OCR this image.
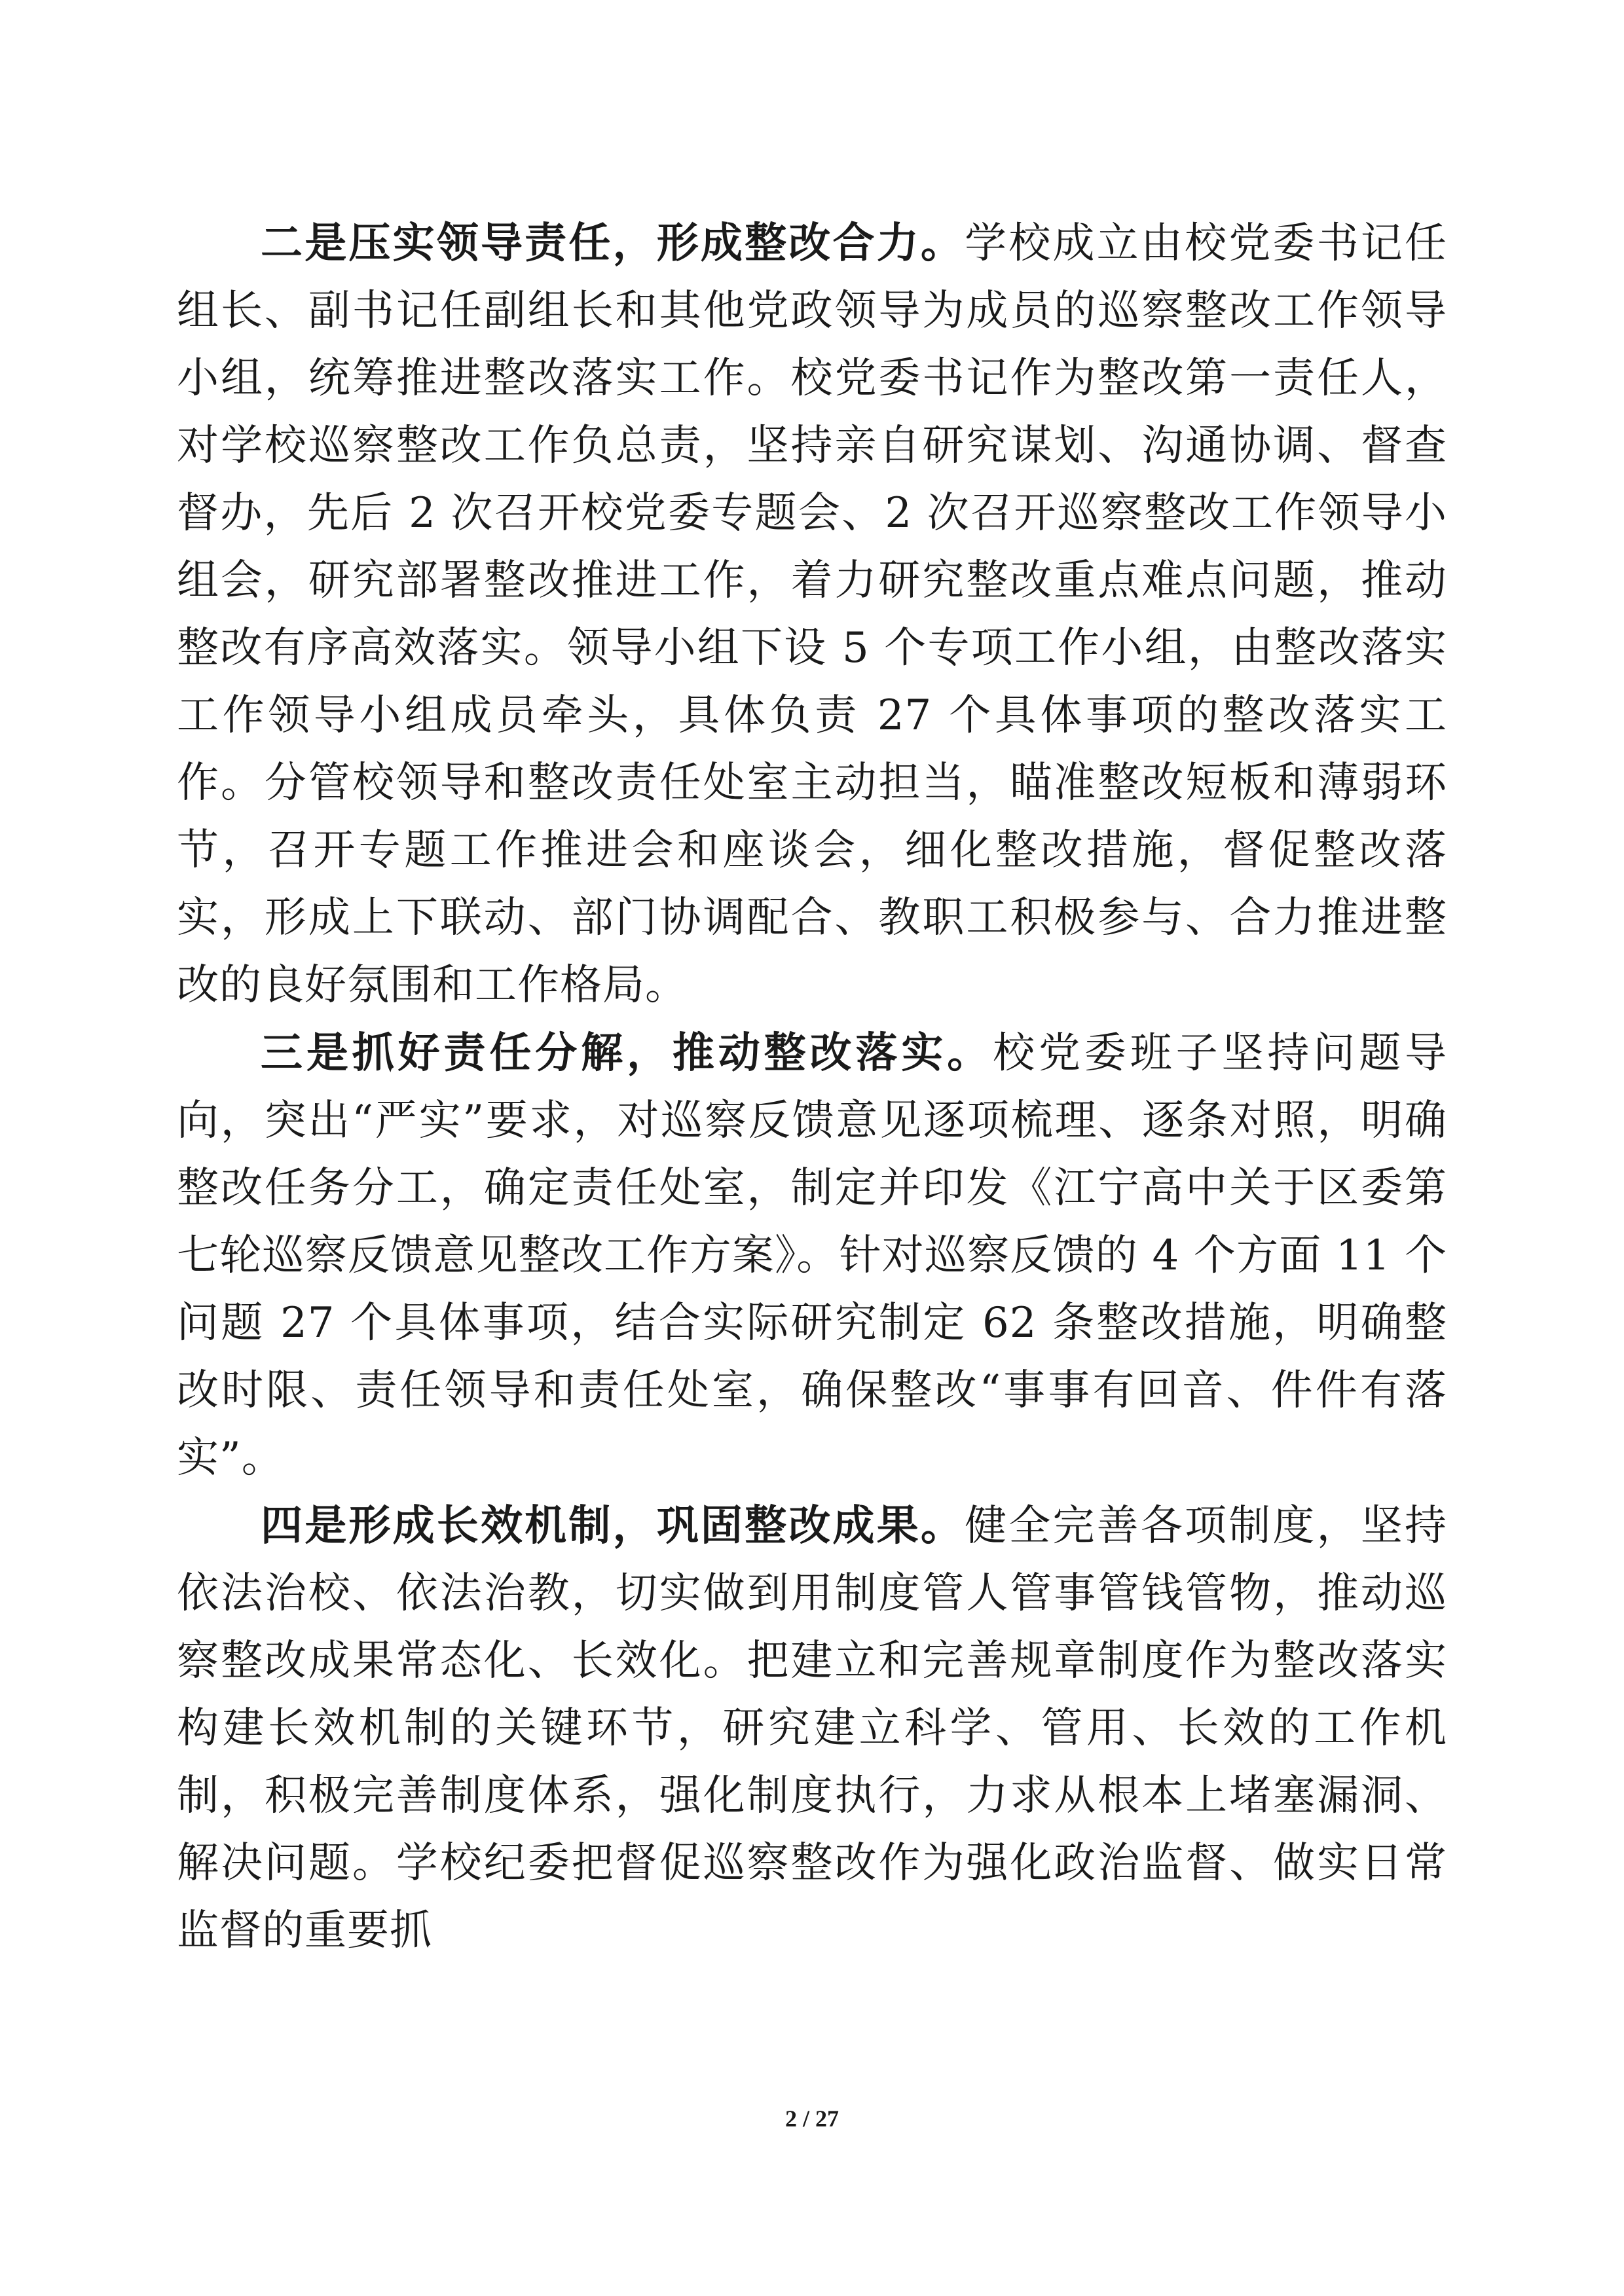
二是压实领导责任，形成整改合力。学校成立由校党委书记任组长、副书记任副组长和其他党政领导为成员的巡察整改工作领导小组，统筹推进整改落实工作。校党委书记作为整改第一责任人，对学校巡察整改工作负总责，坚持亲自研究谋划、沟通协调、督查督办，先后 2 次召开校党委专题会、2 次召开巡察整改工作领导小组会，研究部署整改推进工作，着力研究整改重点难点问题，推动整改有序高效落实。领导小组下设 5 个专项工作小组，由整改落实工作领导小组成员牵头，具体负责 27 个具体事项的整改落实工作。分管校领导和整改责任处室主动担当，瞄准整改短板和薄弱环节，召开专题工作推进会和座谈会，细化整改措施，督促整改落实，形成上下联动、部门协调配合、教职工积极参与、合力推进整改的良好氛围和工作格局。

三是抓好责任分解，推动整改落实。校党委班子坚持问题导向，突出“严实”要求，对巡察反馈意见逐项梳理、逐条对照，明确整改任务分工，确定责任处室，制定并印发《江宁高中关于区委第七轮巡察反馈意见整改工作方案》。针对巡察反馈的 4 个方面 11 个问题 27 个具体事项，结合实际研究制定 62 条整改措施，明确整改时限、责任领导和责任处室，确保整改“事事有回音、件件有落实”。

四是形成长效机制，巩固整改成果。健全完善各项制度，坚持依法治校、依法治教，切实做到用制度管人管事管钱管物，推动巡察整改成果常态化、长效化。把建立和完善规章制度作为整改落实构建长效机制的关键环节，研究建立科学、管用、长效的工作机制，积极完善制度体系，强化制度执行，力求从根本上堵塞漏洞、解决问题。学校纪委把督促巡察整改作为强化政治监督、做实日常监督的重要抓

2 / 27
